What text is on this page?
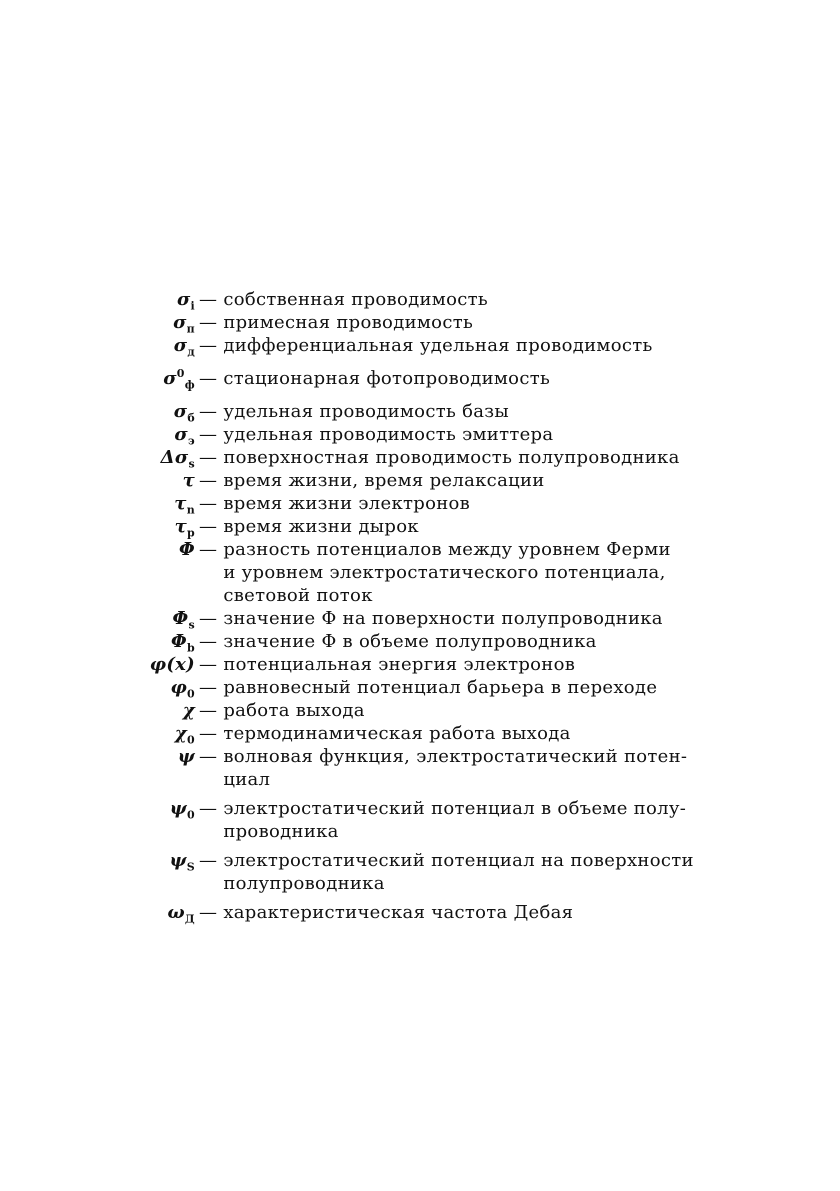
$\sigma_i$ — собственная проводимость
$\sigma_п$ — примесная проводимость
$\sigma_д$ — дифференциальная удельная проводимость
$\sigma^0_ф$ — стационарная фотопроводимость
$\sigma_б$ — удельная проводимость базы
$\sigma_э$ — удельная проводимость эмиттера
$\Delta\sigma_s$ — поверхностная проводимость полупроводника
τ — время жизни, время релаксации
$\tau_n$ — время жизни электронов
$\tau_p$ — время жизни дырок
Φ — разность потенциалов между уровнем Ферми
и уровнем электростатического потенциала,
световой поток
$\Phi_s$ — значение Φ на поверхности полупроводника
$\Phi_b$ — значение Φ в объеме полупроводника
φ(x) — потенциальная энергия электронов
$\varphi_0$ — равновесный потенциал барьера в переходе
χ — работа выхода
$\chi_0$ — термодинамическая работа выхода
ψ — волновая функция, электростатический потен-
циал
$\psi_0$ — электростатический потенциал в объеме полу-
проводника
$\psi_S$ — электростатический потенциал на поверхности
полупроводника
$\omega_Д$ — характеристическая частота Дебая
